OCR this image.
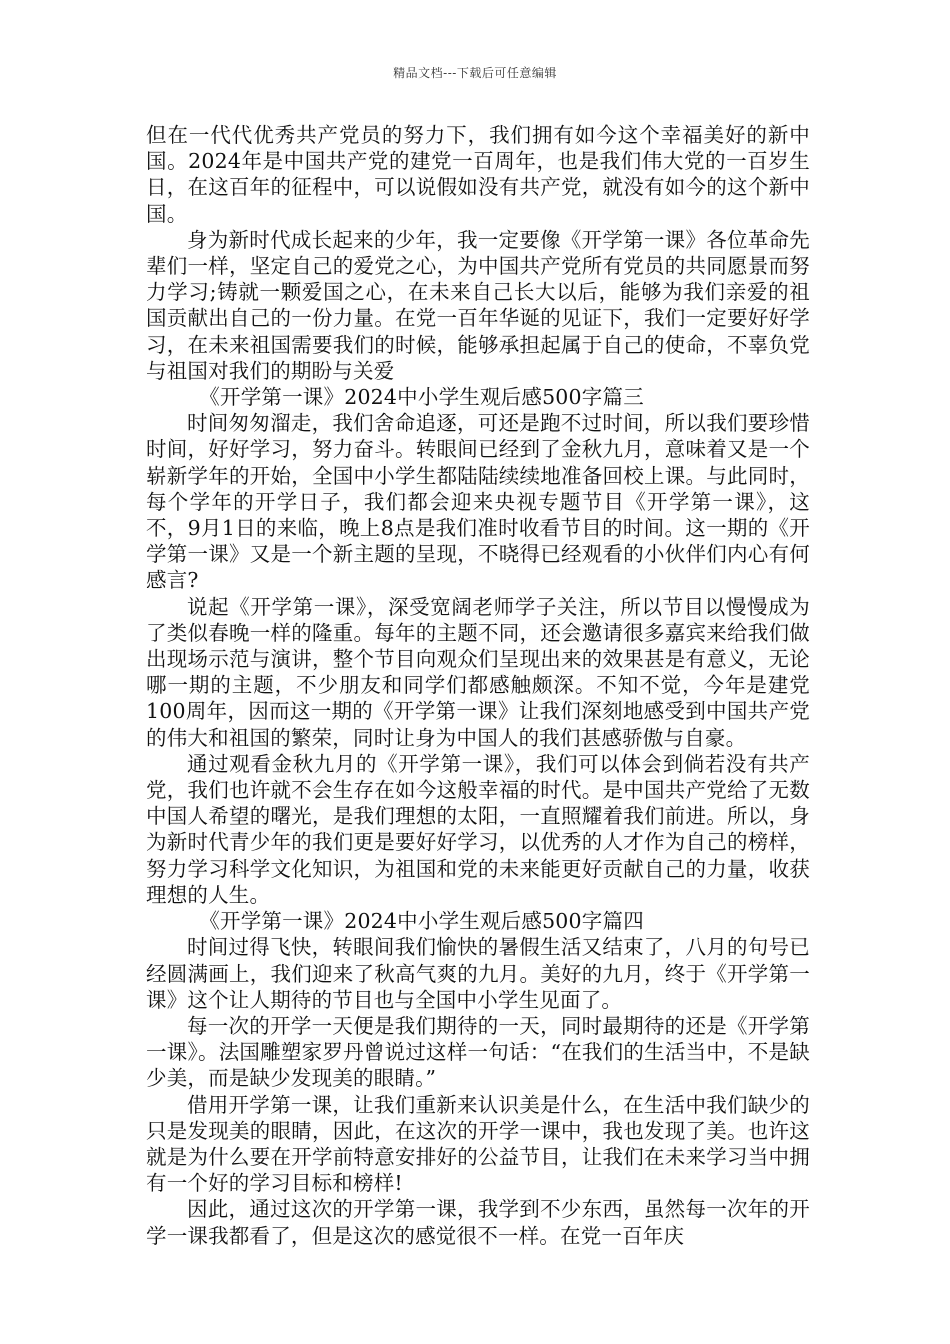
精品文档---下载后可任意编辑

但在一代代优秀共产党员的努力下，我们拥有如今这个幸福美好的新中国。2024年是中国共产党的建党一百周年，也是我们伟大党的一百岁生日，在这百年的征程中，可以说假如没有共产党，就没有如今的这个新中国。

身为新时代成长起来的少年，我一定要像《开学第一课》各位革命先辈们一样，坚定自己的爱党之心，为中国共产党所有党员的共同愿景而努力学习;铸就一颗爱国之心，在未来自己长大以后，能够为我们亲爱的祖国贡献出自己的一份力量。在党一百年华诞的见证下，我们一定要好好学习，在未来祖国需要我们的时候，能够承担起属于自己的使命，不辜负党与祖国对我们的期盼与关爱

《开学第一课》2024中小学生观后感500字篇三

时间匆匆溜走，我们舍命追逐，可还是跑不过时间，所以我们要珍惜时间，好好学习，努力奋斗。转眼间已经到了金秋九月，意味着又是一个崭新学年的开始，全国中小学生都陆陆续续地准备回校上课。与此同时，每个学年的开学日子，我们都会迎来央视专题节目《开学第一课》，这不，9月1日的来临，晚上8点是我们准时收看节目的时间。这一期的《开学第一课》又是一个新主题的呈现，不晓得已经观看的小伙伴们内心有何感言?

说起《开学第一课》，深受宽阔老师学子关注，所以节目以慢慢成为了类似春晚一样的隆重。每年的主题不同，还会邀请很多嘉宾来给我们做出现场示范与演讲，整个节目向观众们呈现出来的效果甚是有意义，无论哪一期的主题，不少朋友和同学们都感触颇深。不知不觉，今年是建党100周年，因而这一期的《开学第一课》让我们深刻地感受到中国共产党的伟大和祖国的繁荣，同时让身为中国人的我们甚感骄傲与自豪。

通过观看金秋九月的《开学第一课》，我们可以体会到倘若没有共产党，我们也许就不会生存在如今这般幸福的时代。是中国共产党给了无数中国人希望的曙光，是我们理想的太阳，一直照耀着我们前进。所以，身为新时代青少年的我们更是要好好学习，以优秀的人才作为自己的榜样，努力学习科学文化知识，为祖国和党的未来能更好贡献自己的力量，收获理想的人生。

《开学第一课》2024中小学生观后感500字篇四

时间过得飞快，转眼间我们愉快的暑假生活又结束了，八月的句号已经圆满画上，我们迎来了秋高气爽的九月。美好的九月，终于《开学第一课》这个让人期待的节目也与全国中小学生见面了。

每一次的开学一天便是我们期待的一天，同时最期待的还是《开学第一课》。法国雕塑家罗丹曾说过这样一句话：“在我们的生活当中，不是缺少美，而是缺少发现美的眼睛。”

借用开学第一课，让我们重新来认识美是什么，在生活中我们缺少的只是发现美的眼睛，因此，在这次的开学一课中，我也发现了美。也许这就是为什么要在开学前特意安排好的公益节目，让我们在未来学习当中拥有一个好的学习目标和榜样!

因此，通过这次的开学第一课，我学到不少东西，虽然每一次年的开学一课我都看了，但是这次的感觉很不一样。在党一百年庆
